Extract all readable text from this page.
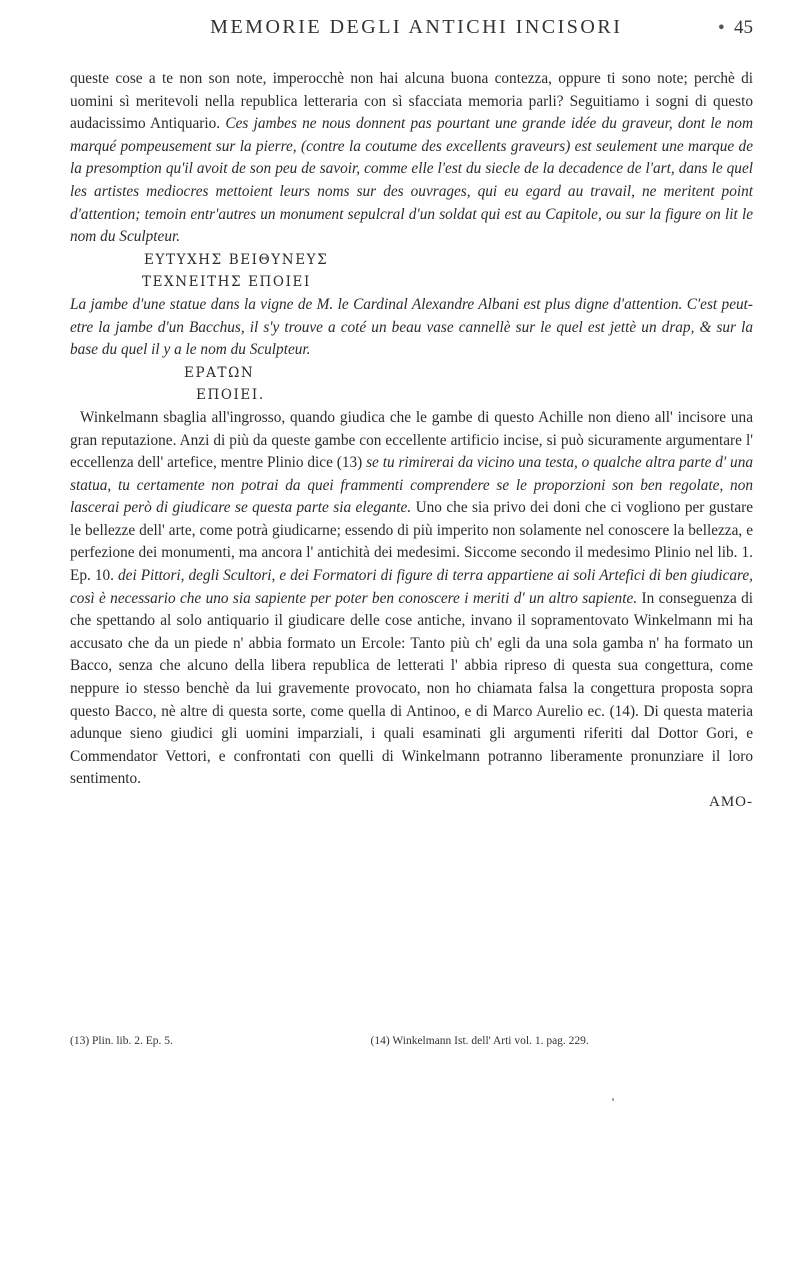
MEMORIE DEGLI ANTICHI INCISORI	• 45

queste cose a te non son note, imperocchè non hai alcuna buona contezza, oppure ti sono note; perchè di uomini sì meritevoli nella republica letteraria con sì sfacciata memoria parli? Seguitiamo i sogni di questo audacissimo Antiquario. Ces jambes ne nous donnent pas pourtant une grande idée du graveur, dont le nom marqué pompeusement sur la pierre, (contre la coutume des excellents graveurs) est seulement une marque de la presomption qu'il avoit de son peu de savoir, comme elle l'est du siecle de la decadence de l'art, dans le quel les artistes mediocres mettoient leurs noms sur des ouvrages, qui eu egard au travail, ne meritent point d'attention; temoin entr'autres un monument sepulcral d'un soldat qui est au Capitole, ou sur la figure on lit le nom du Sculpteur.

ΕΥΤΥΧΗΣ ΒΕΙΘΥΝΕΥΣ

ΤΕΧΝΕΙΤΗΣ ΕΠΟΙΕΙ

La jambe d'une statue dans la vigne de M. le Cardinal Alexandre Albani est plus digne d'attention. C'est peut-etre la jambe d'un Bacchus, il s'y trouve a coté un beau vase cannellè sur le quel est jettè un drap, & sur la base du quel il y a le nom du Sculpteur.

ΕΡΑΤΩΝ

ΕΠΟΙΕΙ.

Winkelmann sbaglia all'ingrosso, quando giudica che le gambe di questo Achille non dieno all' incisore una gran reputazione. Anzi di più da queste gambe con eccellente artificio incise, si può sicuramente argumentare l' eccellenza dell' artefice, mentre Plinio dice (13) se tu rimirerai da vicino una testa, o qualche altra parte d' una statua, tu certamente non potrai da quei frammenti comprendere se le proporzioni son ben regolate, non lascerai però di giudicare se questa parte sia elegante. Uno che sia privo dei doni che ci vogliono per gustare le bellezze dell' arte, come potrà giudicarne; essendo di più imperito non solamente nel conoscere la bellezza, e perfezione dei monumenti, ma ancora l' antichità dei medesimi. Siccome secondo il medesimo Plinio nel lib. 1. Ep. 10. dei Pittori, degli Scultori, e dei Formatori di figure di terra appartiene ai soli Artefici di ben giudicare, così è necessario che uno sia sapiente per poter ben conoscere i meriti d' un altro sapiente. In conseguenza di che spettando al solo antiquario il giudicare delle cose antiche, invano il sopramentovato Winkelmann mi ha accusato che da un piede n' abbia formato un Ercole: Tanto più ch' egli da una sola gamba n' ha formato un Bacco, senza che alcuno della libera republica de letterati l' abbia ripreso di questa sua congettura, come neppure io stesso benchè da lui gravemente provocato, non ho chiamata falsa la congettura proposta sopra questo Bacco, nè altre di questa sorte, come quella di Antinoo, e di Marco Aurelio ec. (14). Di questa materia adunque sieno giudici gli uomini imparziali, i quali esaminati gli argumenti riferiti dal Dottor Gori, e Commendator Vettori, e confrontati con quelli di Winkelmann potranno liberamente pronunziare il loro sentimento.

AMO-

(13) Plin. lib. 2. Ep. 5.	(14) Winkelmann Ist. dell' Arti vol. 1. pag. 229.
